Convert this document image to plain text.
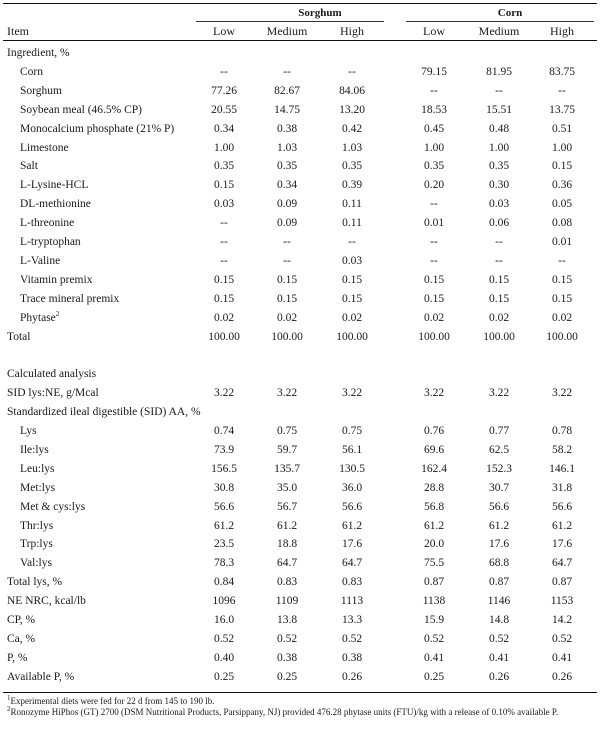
Sorghum	Corn
Item	Low	Medium	High	Low	Medium	High
Ingredient, %
Corn	--	--	--	79.15	81.95	83.75
Sorghum	77.26	82.67	84.06	--	--	--
Soybean meal (46.5% CP)	20.55	14.75	13.20	18.53	15.51	13.75
Monocalcium phosphate (21% P)	0.34	0.38	0.42	0.45	0.48	0.51
Limestone	1.00	1.03	1.03	1.00	1.00	1.00
Salt	0.35	0.35	0.35	0.35	0.35	0.15
L-Lysine-HCL	0.15	0.34	0.39	0.20	0.30	0.36
DL-methionine	0.03	0.09	0.11	--	0.03	0.05
L-threonine	--	0.09	0.11	0.01	0.06	0.08
L-tryptophan	--	--	--	--	--	0.01
L-Valine	--	--	0.03	--	--	--
Vitamin premix	0.15	0.15	0.15	0.15	0.15	0.15
Trace mineral premix	0.15	0.15	0.15	0.15	0.15	0.15
Phytase$^2$	0.02	0.02	0.02	0.02	0.02	0.02
Total	100.00	100.00	100.00	100.00	100.00	100.00
Calculated analysis
SID lys:NE, g/Mcal	3.22	3.22	3.22	3.22	3.22	3.22
Standardized ileal digestible (SID) AA, %
Lys	0.74	0.75	0.75	0.76	0.77	0.78
Ile:lys	73.9	59.7	56.1	69.6	62.5	58.2
Leu:lys	156.5	135.7	130.5	162.4	152.3	146.1
Met:lys	30.8	35.0	36.0	28.8	30.7	31.8
Met & cys:lys	56.6	56.7	56.6	56.8	56.6	56.6
Thr:lys	61.2	61.2	61.2	61.2	61.2	61.2
Trp:lys	23.5	18.8	17.6	20.0	17.6	17.6
Val:lys	78.3	64.7	64.7	75.5	68.8	64.7
Total lys, %	0.84	0.83	0.83	0.87	0.87	0.87
NE NRC, kcal/lb	1096	1109	1113	1138	1146	1153
CP, %	16.0	13.8	13.3	15.9	14.8	14.2
Ca, %	0.52	0.52	0.52	0.52	0.52	0.52
P, %	0.40	0.38	0.38	0.41	0.41	0.41
Available P, %	0.25	0.25	0.26	0.25	0.26	0.26
$^1$Experimental diets were fed for 22 d from 145 to 190 lb.
$^2$Ronozyme HiPhos (GT) 2700 (DSM Nutritional Products, Parsippany, NJ) provided 476.28 phytase units (FTU)/kg with a release of 0.10% available P.
